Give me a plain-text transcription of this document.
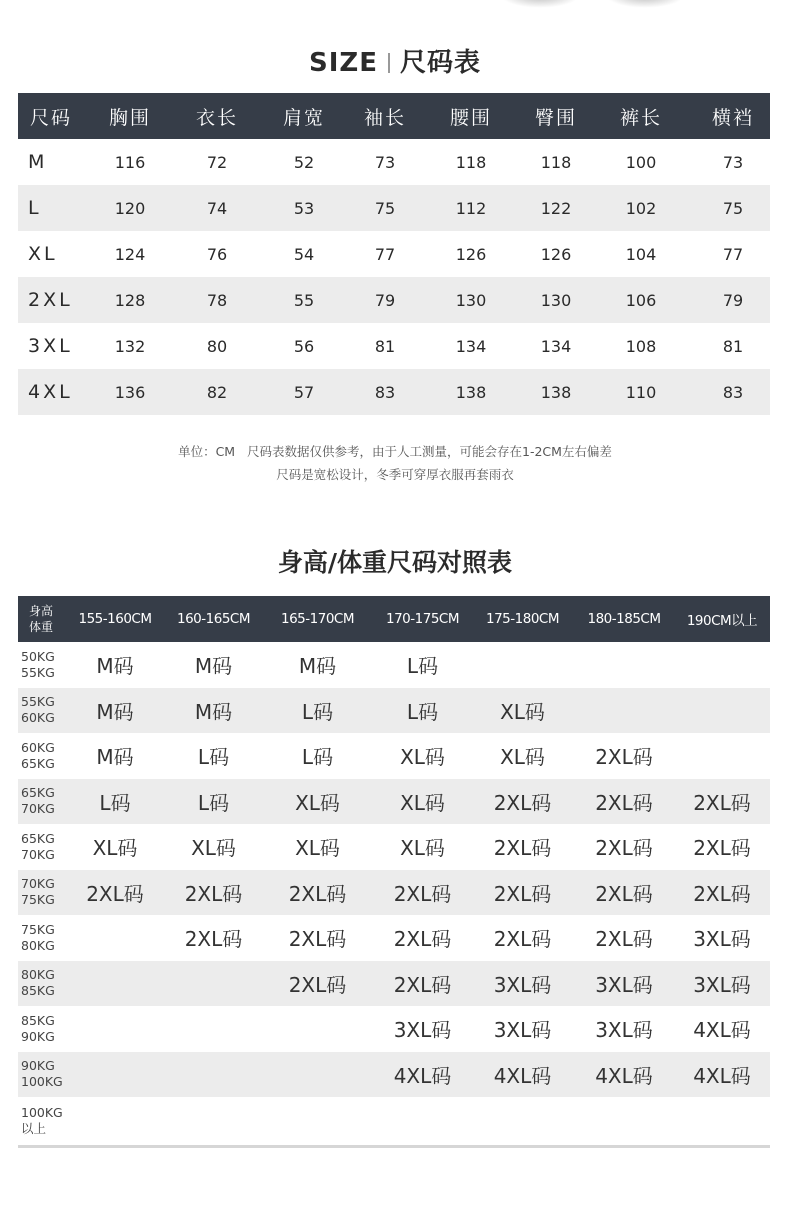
SIZE 尺码表
尺码	胸围	衣长	肩宽	袖长	腰围	臀围	裤长	横裆
M	116	72	52	73	118	118	100	73
L	120	74	53	75	112	122	102	75
XL	124	76	54	77	126	126	104	77
2XL	128	78	55	79	130	130	106	79
3XL	132	80	56	81	134	134	108	81
4XL	136	82	57	83	138	138	110	83
单位：CM   尺码表数据仅供参考，由于人工测量，可能会存在1-2CM左右偏差
尺码是宽松设计，冬季可穿厚衣服再套雨衣
身高/体重尺码对照表
身高
体重	155-160CM	160-165CM	165-170CM	170-175CM	175-180CM	180-185CM	190CM以上

50KG
55KG	M码	M码	M码	L码			

55KG
60KG	M码	M码	L码	L码	XL码		

60KG
65KG	M码	L码	L码	XL码	XL码	2XL码	

65KG
70KG	L码	L码	XL码	XL码	2XL码	2XL码	2XL码

65KG
70KG	XL码	XL码	XL码	XL码	2XL码	2XL码	2XL码

70KG
75KG	2XL码	2XL码	2XL码	2XL码	2XL码	2XL码	2XL码

75KG
80KG		2XL码	2XL码	2XL码	2XL码	2XL码	3XL码

80KG
85KG			2XL码	2XL码	3XL码	3XL码	3XL码

85KG
90KG				3XL码	3XL码	3XL码	4XL码

90KG
100KG				4XL码	4XL码	4XL码	4XL码

100KG
以上							
